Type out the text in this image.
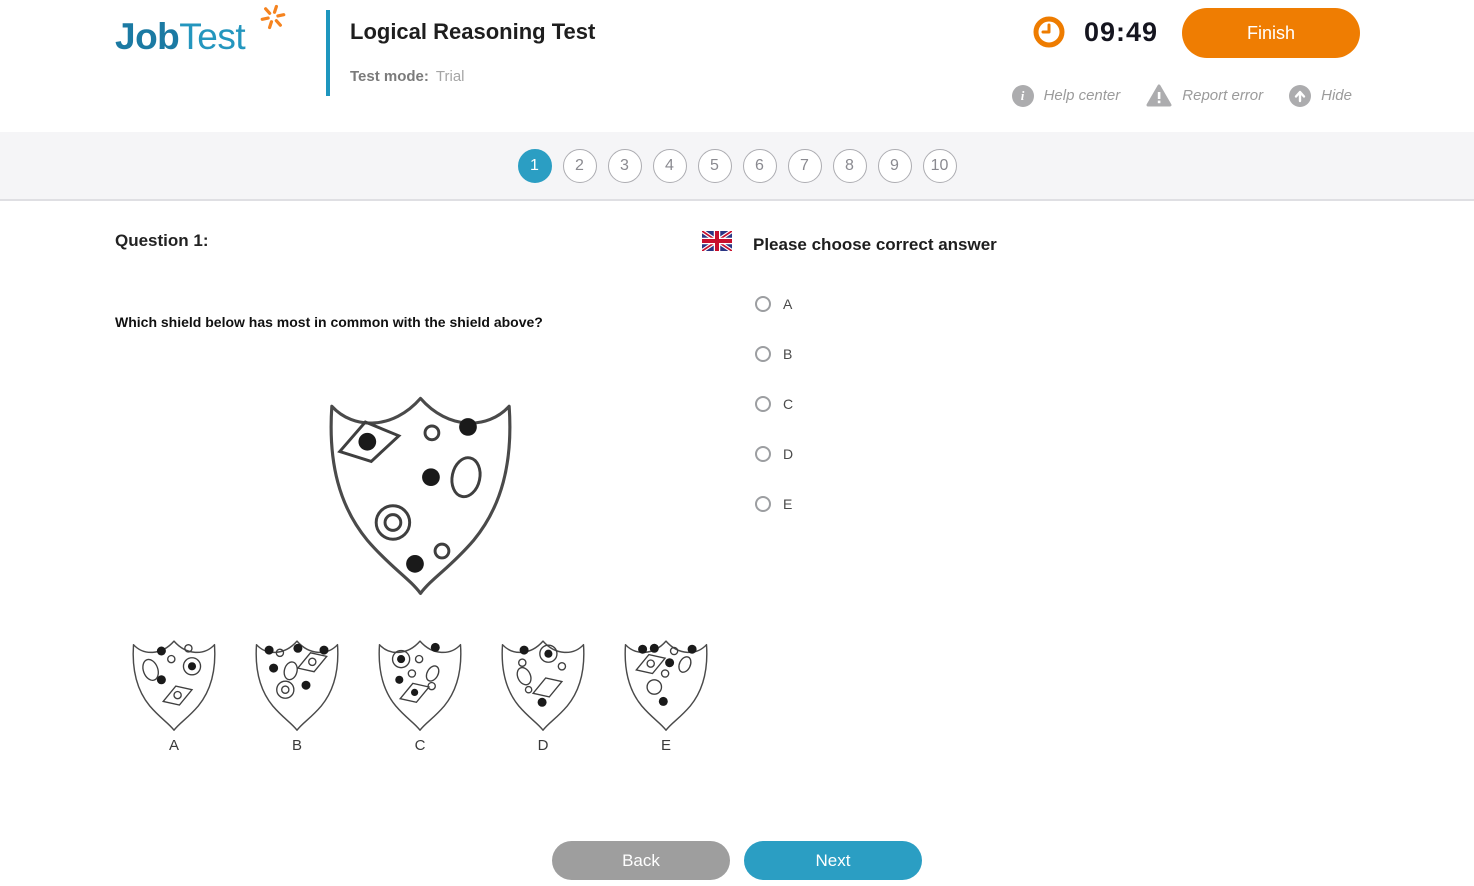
JobTest	Logical Reasoning Test
Test mode: Trial
09:49	Finish
i	Help center	Report error	Hide
1	2	3	4	5	6	7	8	9	10
Question 1:
Which shield below has most in common with the shield above?
A	B	C	D	E
Please choose correct answer
A
B
C
D
E
Back	Next
